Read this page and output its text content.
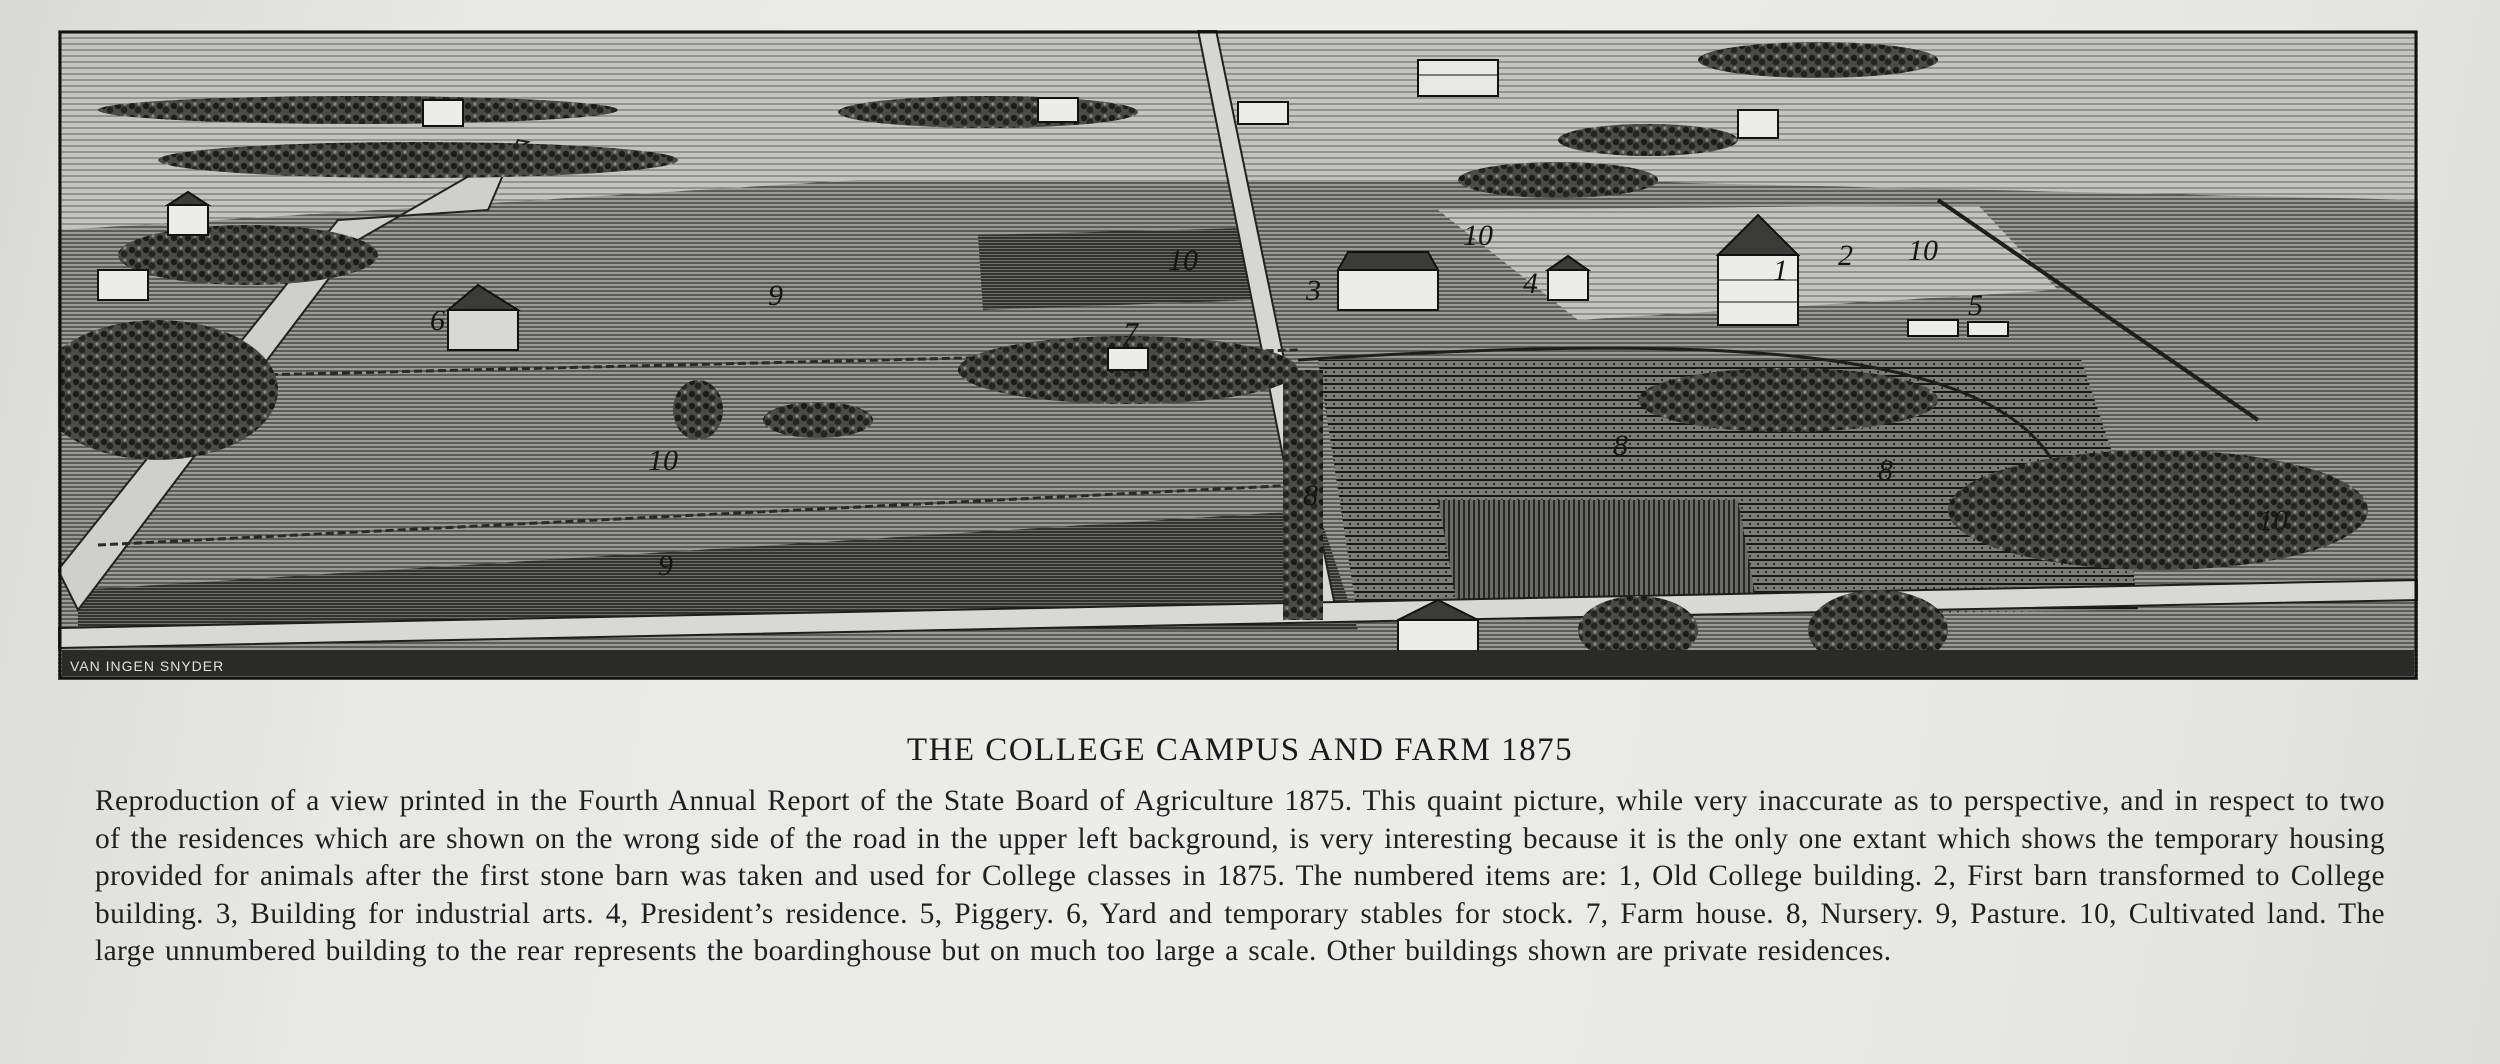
1 2
3	4
5
6	7
8
8
8
9
9
10
10	10
10
10
VAN INGEN SNYDER
THE COLLEGE CAMPUS AND FARM 1875

Reproduction of a view printed in the Fourth Annual Report of the State Board of Agriculture 1875. This quaint picture, while very inaccurate as to perspective, and in respect to two of the residences which are shown on the wrong side of the road in the upper left background, is very interesting because it is the only one extant which shows the temporary housing provided for animals after the first stone barn was taken and used for College classes in 1875. The numbered items are: 1, Old College building. 2, First barn transformed to College building. 3, Building for industrial arts. 4, President’s residence. 5, Piggery. 6, Yard and temporary stables for stock. 7, Farm house. 8, Nursery. 9, Pasture. 10, Cultivated land. The large unnumbered building to the rear represents the boardinghouse but on much too large a scale. Other buildings shown are private residences.
